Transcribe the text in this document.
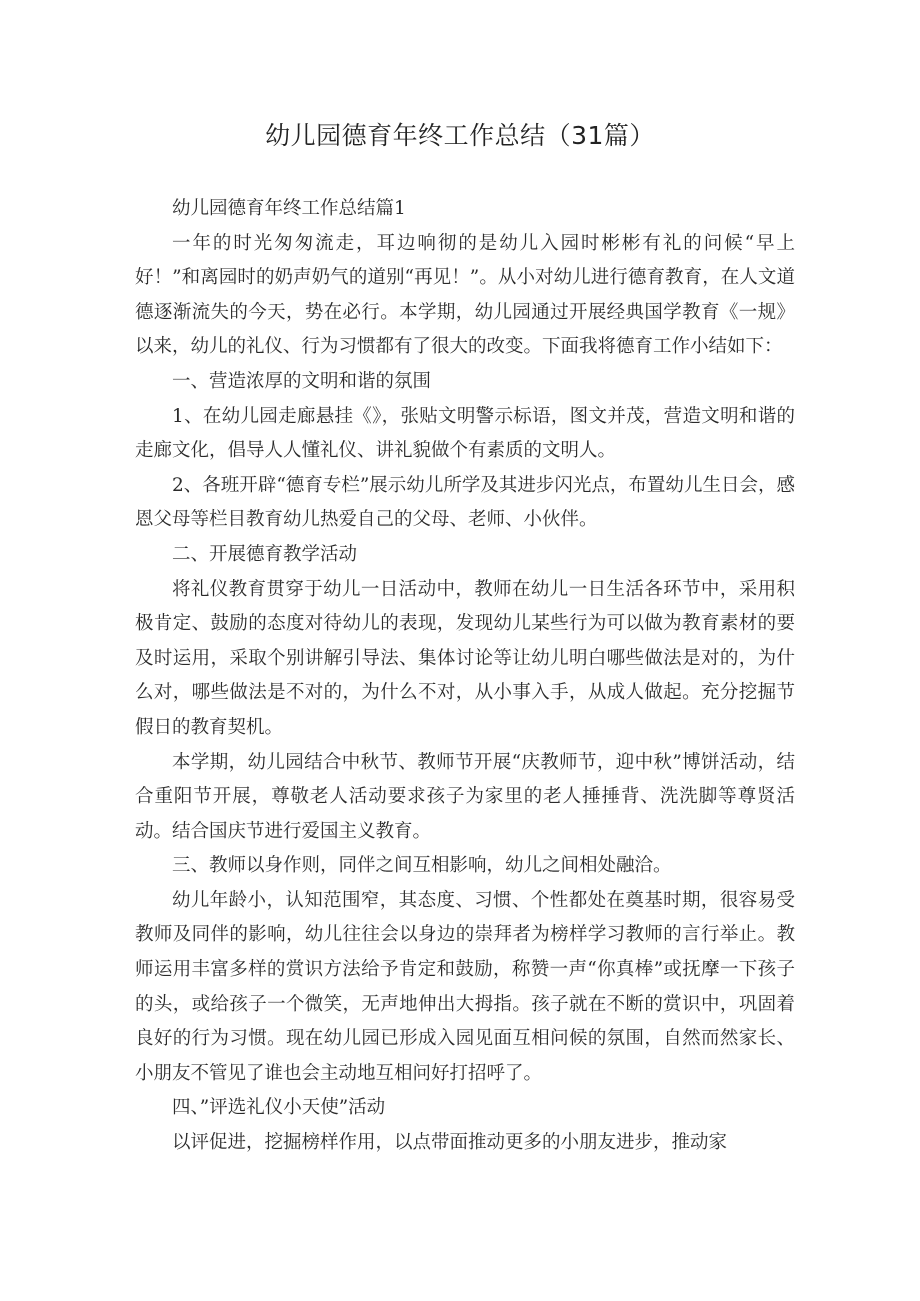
幼儿园德育年终工作总结（31篇）

幼儿园德育年终工作总结篇1

一年的时光匆匆流走，耳边响彻的是幼儿入园时彬彬有礼的问候“早上好！”和离园时的奶声奶气的道别“再见！”。从小对幼儿进行德育教育，在人文道德逐渐流失的今天，势在必行。本学期，幼儿园通过开展经典国学教育《一规》以来，幼儿的礼仪、行为习惯都有了很大的改变。下面我将德育工作小结如下：

一、营造浓厚的文明和谐的氛围

1、在幼儿园走廊悬挂《》，张贴文明警示标语，图文并茂，营造文明和谐的走廊文化，倡导人人懂礼仪、讲礼貌做个有素质的文明人。

2、各班开辟“德育专栏”展示幼儿所学及其进步闪光点，布置幼儿生日会，感恩父母等栏目教育幼儿热爱自己的父母、老师、小伙伴。

二、开展德育教学活动

将礼仪教育贯穿于幼儿一日活动中，教师在幼儿一日生活各环节中，采用积极肯定、鼓励的态度对待幼儿的表现，发现幼儿某些行为可以做为教育素材的要及时运用，采取个别讲解引导法、集体讨论等让幼儿明白哪些做法是对的，为什么对，哪些做法是不对的，为什么不对，从小事入手，从成人做起。充分挖掘节假日的教育契机。

本学期，幼儿园结合中秋节、教师节开展“庆教师节，迎中秋”博饼活动，结合重阳节开展，尊敬老人活动要求孩子为家里的老人捶捶背、洗洗脚等尊贤活动。结合国庆节进行爱国主义教育。

三、教师以身作则，同伴之间互相影响，幼儿之间相处融洽。

幼儿年龄小，认知范围窄，其态度、习惯、个性都处在奠基时期，很容易受教师及同伴的影响，幼儿往往会以身边的崇拜者为榜样学习教师的言行举止。教师运用丰富多样的赏识方法给予肯定和鼓励，称赞一声“你真棒”或抚摩一下孩子的头，或给孩子一个微笑，无声地伸出大拇指。孩子就在不断的赏识中，巩固着良好的行为习惯。现在幼儿园已形成入园见面互相问候的氛围，自然而然家长、小朋友不管见了谁也会主动地互相问好打招呼了。

四、”评选礼仪小天使”活动

以评促进，挖掘榜样作用，以点带面推动更多的小朋友进步，推动家
